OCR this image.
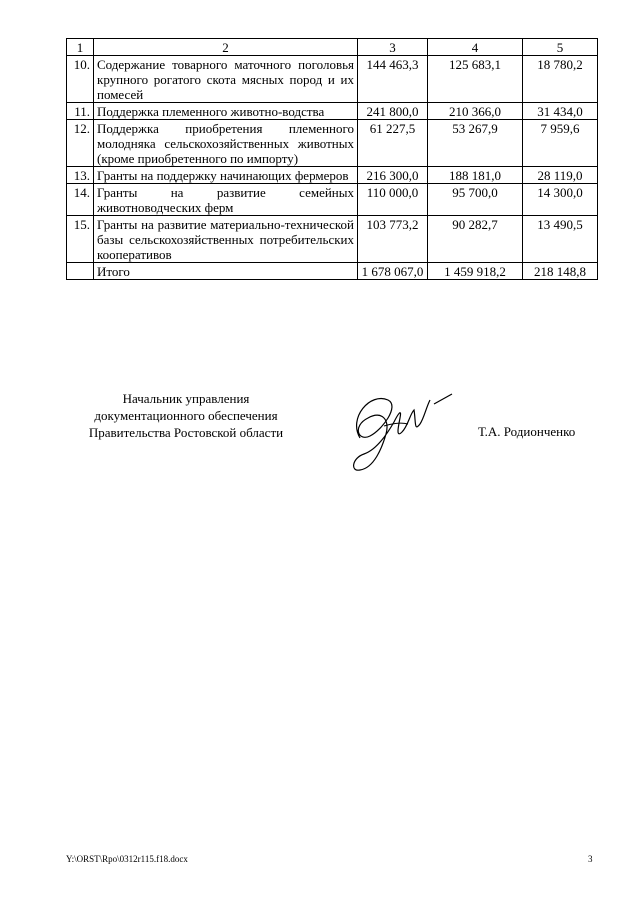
1	2	3	4	5
10.	Содержание товарного маточного поголовья крупного рогатого скота мясных пород и их помесей	144 463,3	125 683,1	18 780,2
11.	Поддержка племенного животно-водства	241 800,0	210 366,0	31 434,0
12.	Поддержка приобретения племенного молодняка сельскохозяйственных животных (кроме приобретенного по импорту)	61 227,5	53 267,9	7 959,6
13.	Гранты на поддержку начинающих фермеров	216 300,0	188 181,0	28 119,0
14.	Гранты на развитие семейных животноводческих ферм	110 000,0	95 700,0	14 300,0
15.	Гранты на развитие материально-технической базы сельскохозяйственных потребительских кооперативов	103 773,2	90 282,7	13 490,5
	Итого	1 678 067,0	1 459 918,2	218 148,8
Начальник управления
документационного обеспечения
Правительства Ростовской области	Т.А. Родионченко
Y:\ORST\Rpo\0312r115.f18.docx	3
